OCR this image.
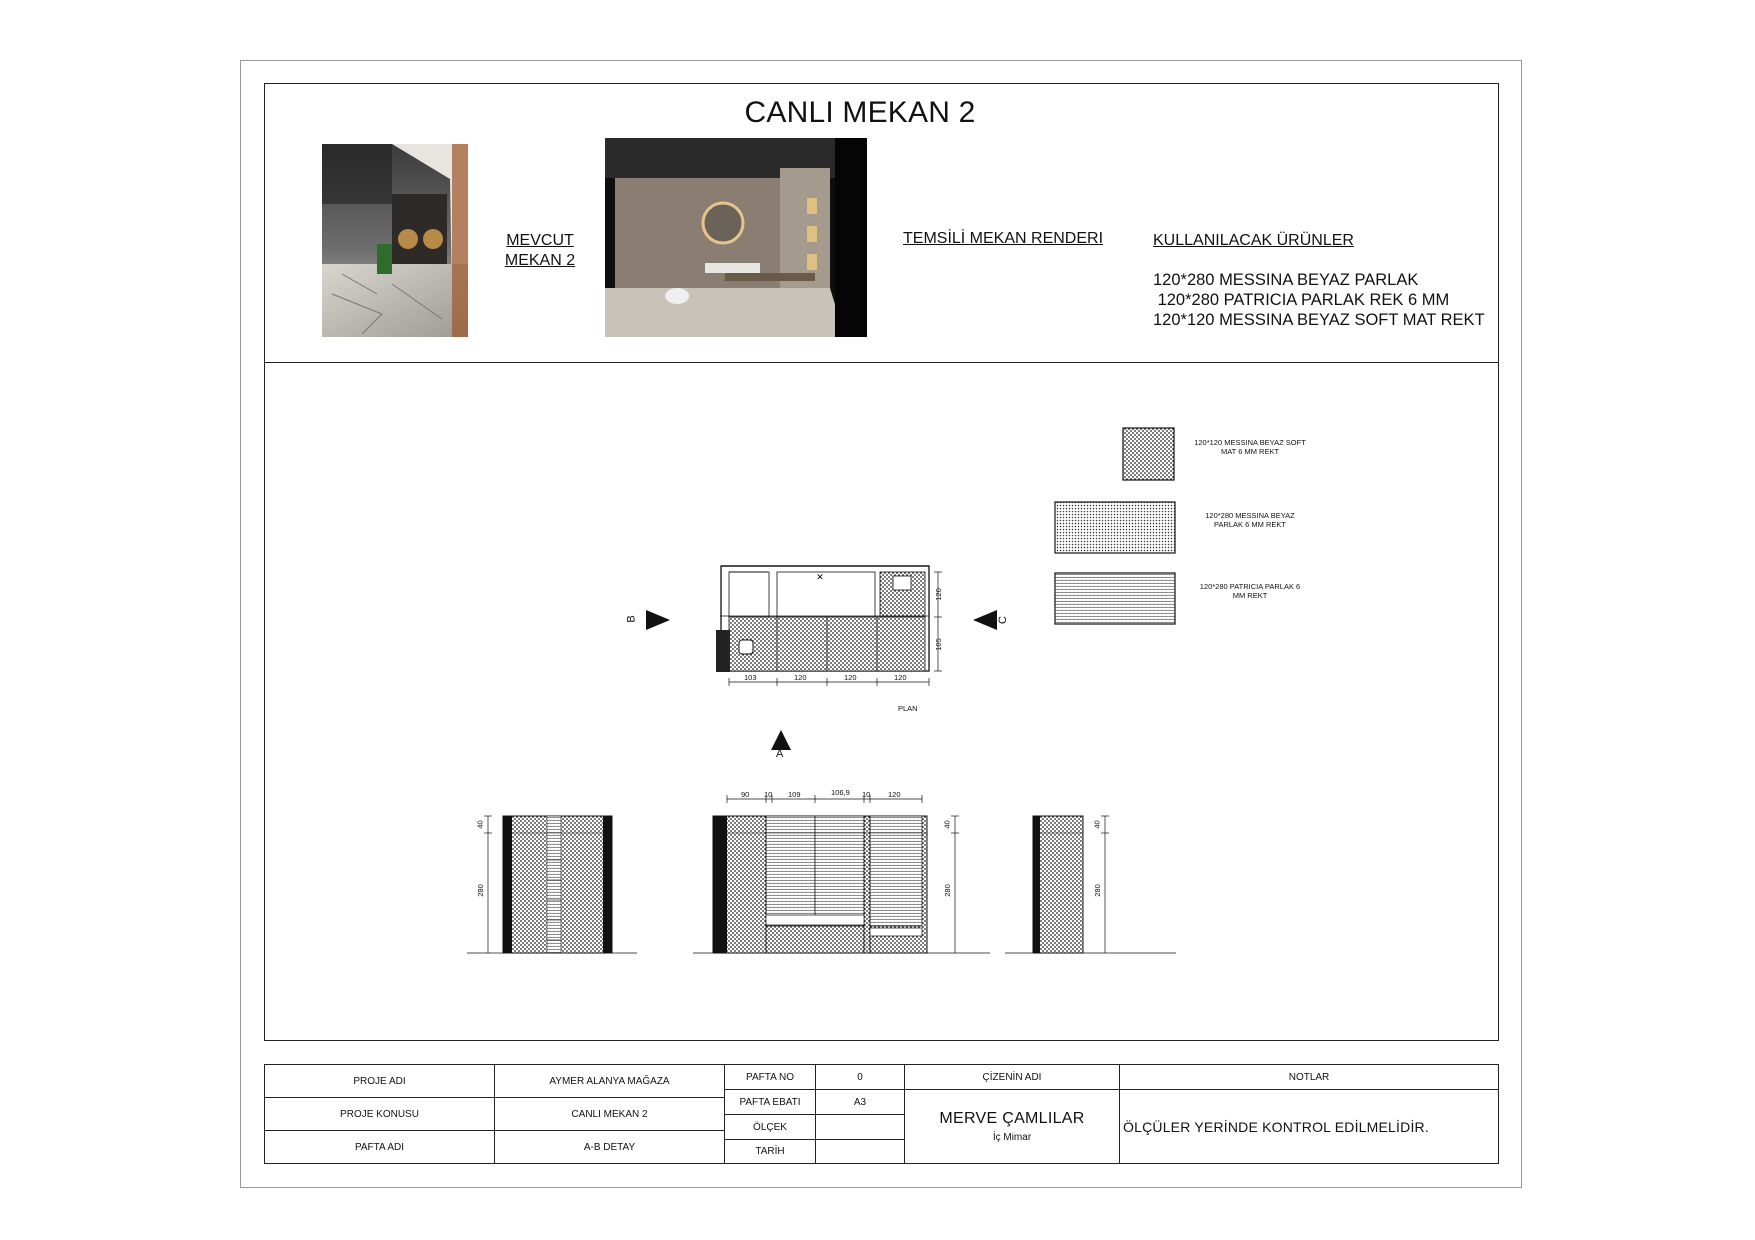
CANLI MEKAN 2
MEVCUT
MEKAN 2
TEMSİLİ MEKAN RENDERI	KULLANILACAK ÜRÜNLER
120*280 MESSINA BEYAZ PARLAK
120*280 PATRICIA PARLAK REK 6 MM
120*120 MESSINA BEYAZ SOFT MAT REKT
✕
120*120 MESSINA BEYAZ SOFT
MAT 6 MM REKT
120*280 MESSINA BEYAZ
PARLAK 6 MM REKT
120*280 PATRICIA PARLAK 6
MM REKT
PLAN
B	C
A
103	120	120	120
120
105
90 10 109	106,9 10 120
40
280
40
280
40
280
PROJE ADI	AYMER ALANYA MAĞAZA
PROJE KONUSU	CANLI MEKAN 2
PAFTA ADI	A-B DETAY
PAFTA NO	0
PAFTA EBATI	A3
ÖLÇEK
TARİH
ÇİZENİN ADI
MERVE ÇAMLILAR
İç Mimar
NOTLAR
ÖLÇÜLER YERİNDE KONTROL EDİLMELİDİR.
